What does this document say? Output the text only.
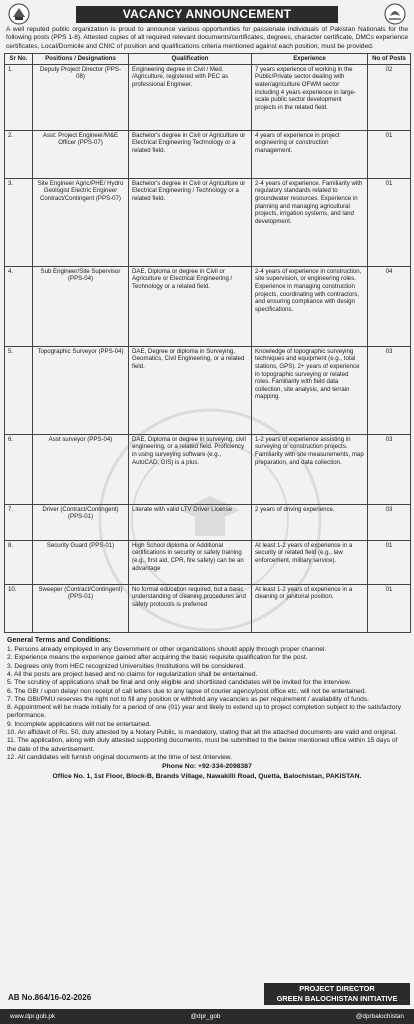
VACANCY ANNOUNCEMENT
A well reputed public organization is proud to announce various opportunities for passionate individuals of Pakistan Nationals for the following posts (PPS 1-8). Attested copies of all required relevant documents/certificates, degrees, character certificate, DMCs experience certificates, Local/Domicile and CNIC of position and qualifications criteria mentioned against each position, must be provided.
Sr No.	Positions / Designations	Qualification	Experience	No of Posts
1.	Deputy Project Director (PPS-08)	Engineering degree in Civil / Med. /Agriculture, registered with PEC as professional Engineer.	7 years experience of working in the Public/Private sector dealing with water/agriculture OFWM sector including 4 years experience in large-scale public sector development projects in the related field.	02
2.	Asst: Project Engineer/M&E Officer (PPS-07)	Bachelor's degree in Civil or Agriculture or Electrical Engineering Technology or a related field.	4 years of experience in project engineering or construction management.	01
3.	Site Engineer Agric/PHE/ Hydro Geologist Electric Engineer Contract/Contingent (PPS-07)	Bachelor's degree in Civil or Agriculture or Electrical Engineering / Technology or a related field.	2-4 years of experience. Familiarity with regulatory standards related to groundwater resources. Experience in planning and managing agricultural projects, irrigation systems, and land development.	01
4.	Sub Engineer/Site Supervisor (PPS-04)	DAE, Diploma or degree in Civil or Agriculture or Electrical Engineering / Technology or a related field.	2-4 years of experience in construction, site supervision, or engineering roles. Experience in managing construction projects, coordinating with contractors, and ensuring compliance with design specifications.	04
5.	Topographic Surveyor (PPS-04)	DAE, Degree or diploma in Surveying, Geomatics, Civil Engineering, or a related field.	Knowledge of topographic surveying techniques and equipment (e.g., total stations, GPS). 2+ years of experience in topographic surveying or related roles. Familiarity with field data collection, site analysis, and terrain mapping.	03
6.	Asst surveyor (PPS-04)	DAE, Diploma or degree in surveying, civil engineering, or a related field. Proficiency in using surveying software (e.g., AutoCAD, GIS) is a plus.	1-2 years of experience assisting in surveying or construction projects. Familiarity with site measurements, map preparation, and data collection.	03
7.	Driver (Contract/Contingent) (PPS-01)	Literate with valid LTV Driver License	2 years of driving experience.	03
8.	Security Guard (PPS-01)	High School diploma or Additional certifications in security or safety training (e.g., first aid, CPR, fire safety) can be an advantage	At least 1-2 years of experience in a security or related field (e.g., law enforcement, military service).	01
10.	Sweeper (Contract/Contingent) (PPS-01)	No formal education required, but a basic understanding of cleaning procedures and safety protocols is preferred	At least 1-2 years of experience in a cleaning or janitorial position.	01
General Terms and Conditions:

1. Persons already employed in any Government or other organizations should apply through proper channel.

2. Experience means the experience gained after acquiring the basic requisite qualification for the post.

3. Degrees only from HEC recognized Universities /Institutions will be considered.

4. All the posts are project based and no claims for regularization shall be entertained.

5. The scrutiny of applications shall be final and only eligible and shortlisted candidates will be invited for the interview.

6. The GBI / upon delay/ non receipt of call letters due to any lapse of courier agency/post office etc, will not be entertained.

7. The GBI/PMU reserves the right not to fill any position or withhold any vacancies as per requirement / availability of funds.

8. Appointment will be made initially for a period of one (01) year and likely to extend up to project completion subject to the satisfactory performance.

9. Incomplete applications will not be entertained.

10. An affidavit of Rs. 50, duly attested by a Notary Public, is mandatory, stating that all the attached documents are valid and original.

11. The application, along with duly attested supporting documents, must be submitted to the below mentioned office within 15 days of the date of the advertisement.

12. All candidates will furnish original documents at the time of test /interview.

Phone No: +92-334-2098387
Office No. 1, 1st Floor, Block-B, Brands Village, Nawakilli Road, Quetta, Balochistan, PAKISTAN.
AB No.864/16-02-2026
PROJECT DIRECTOR
GREEN BALOCHISTAN INITIATIVE
www.dpr.gob.pk	@dpr_gob	@dprbalochistan
